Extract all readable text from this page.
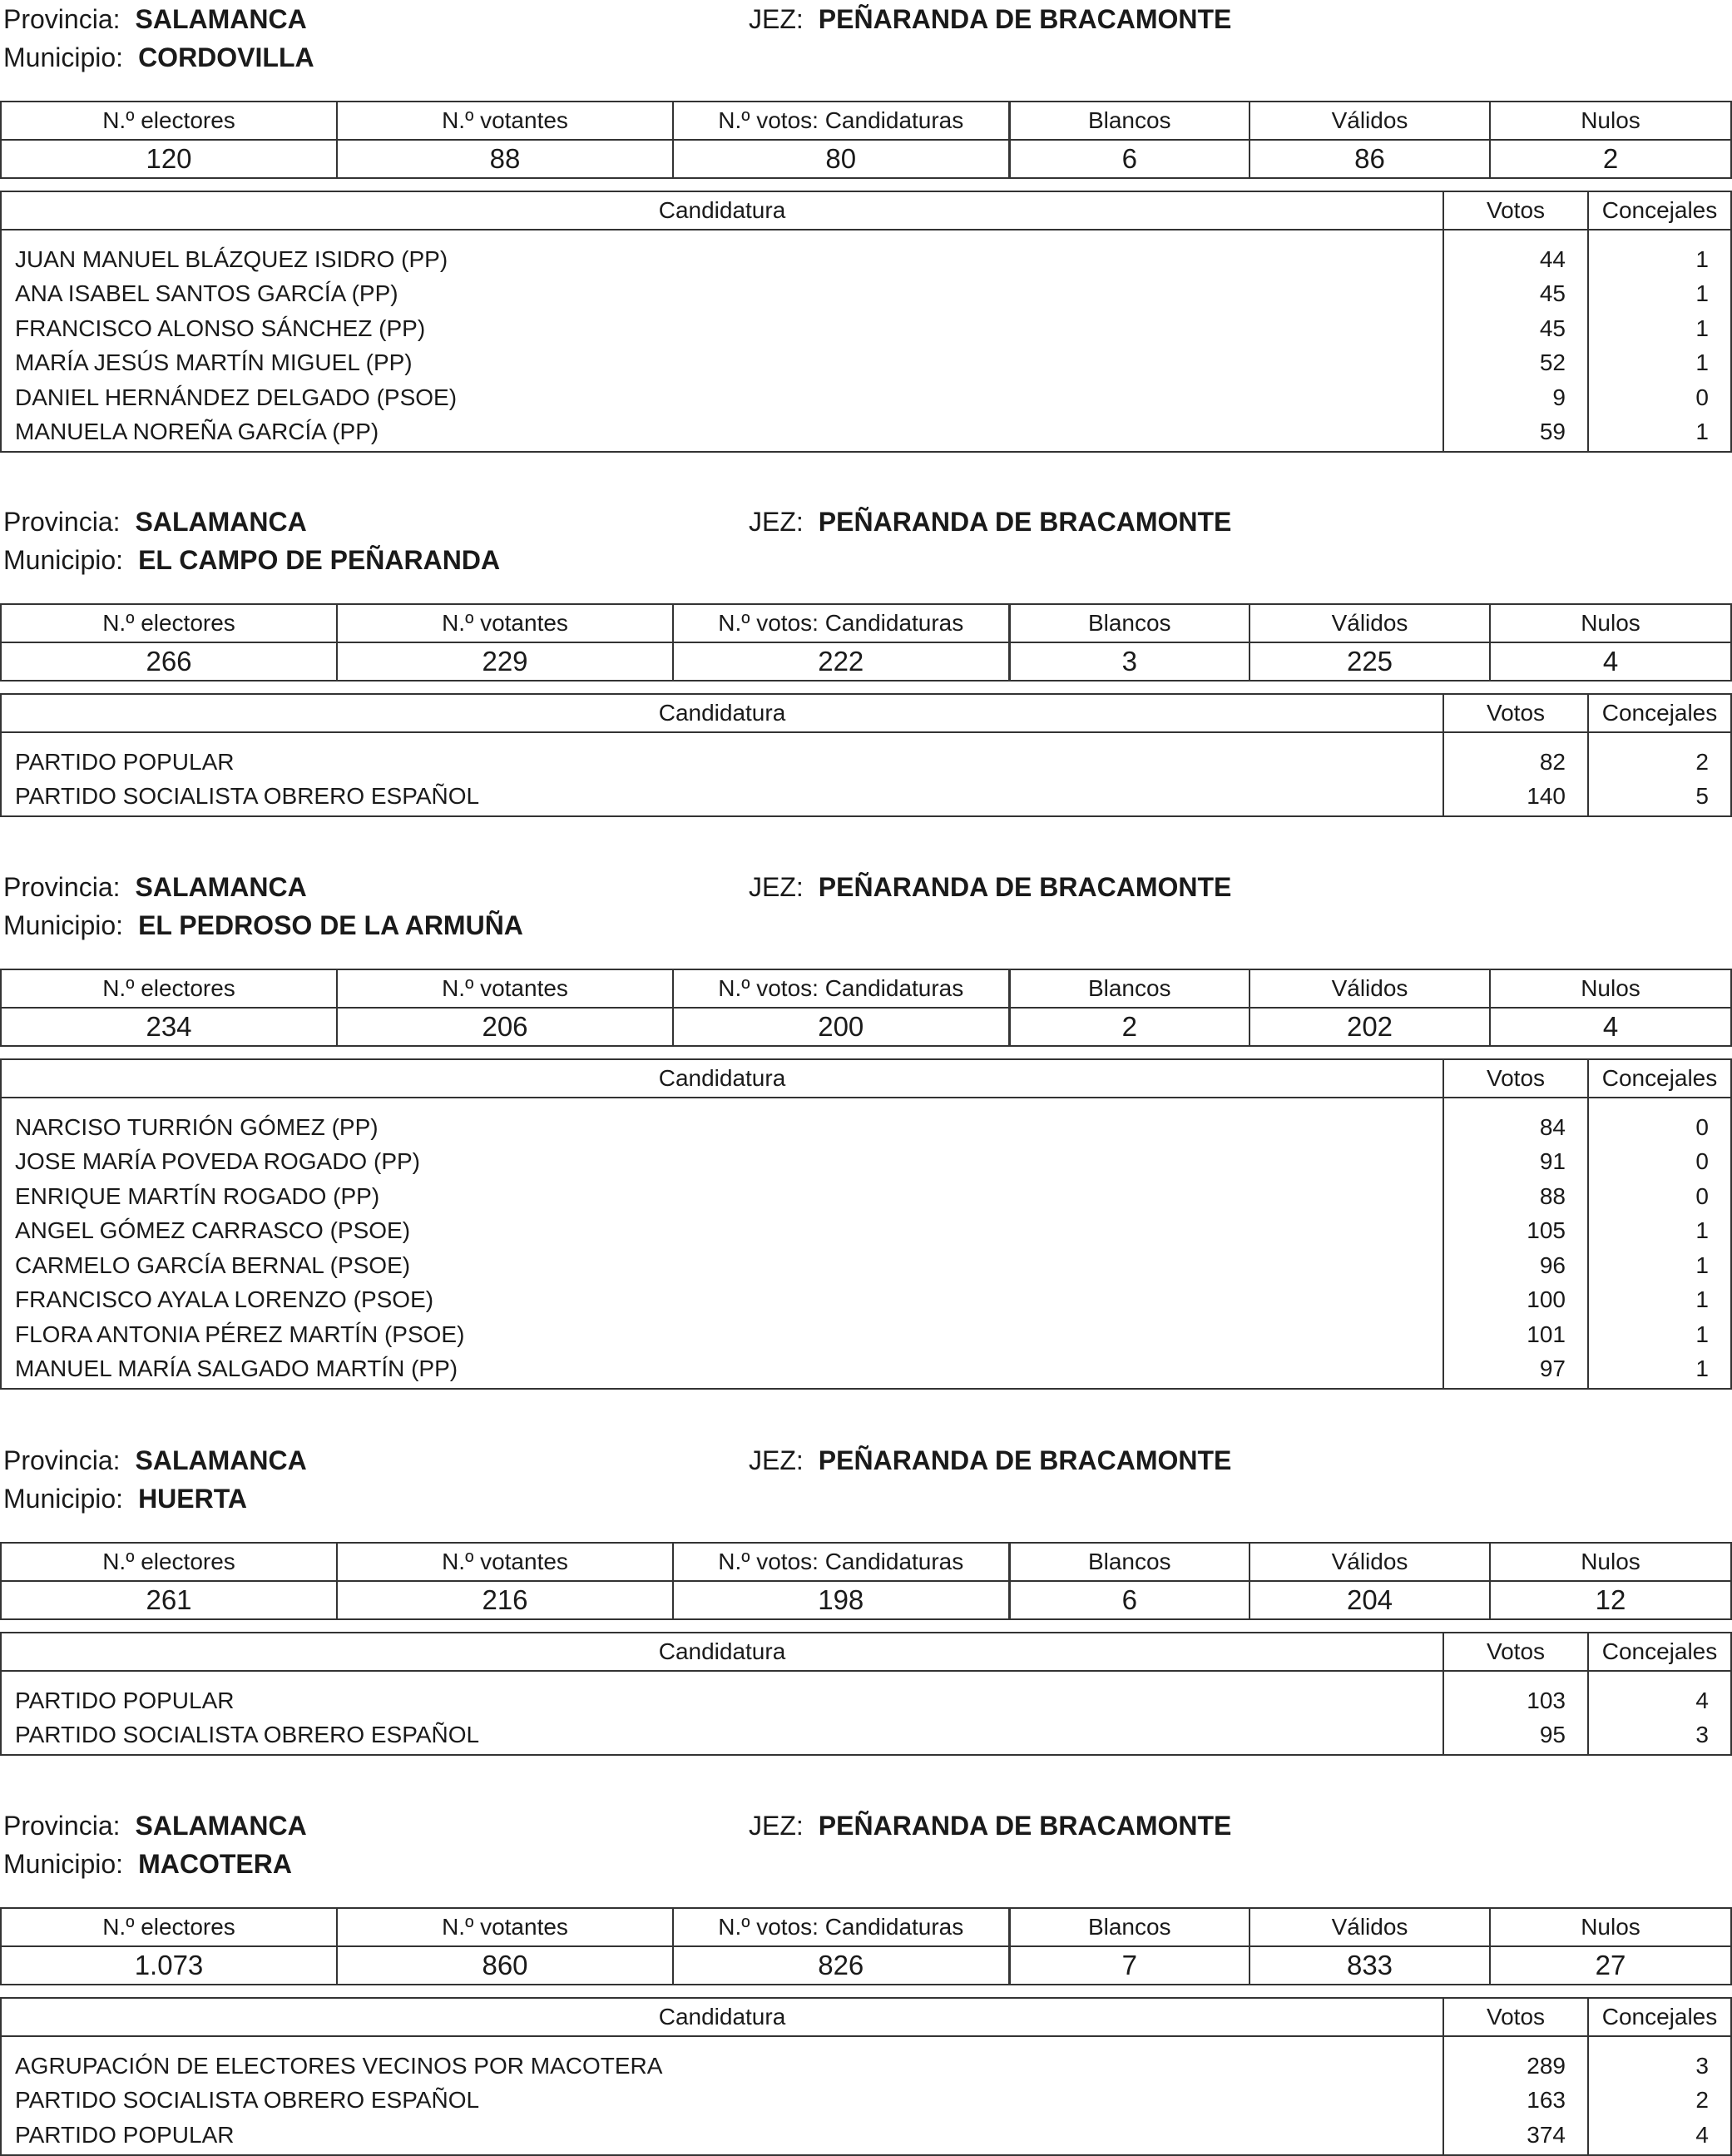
Provincia: SALAMANCA	JEZ: PEÑARANDA DE BRACAMONTE
Municipio: CORDOVILLA
N.º electores	N.º votantes	N.º votos: Candidaturas	Blancos	Válidos	Nulos
120	88	80	6	86	2
Candidatura	Votos	Concejales
JUAN MANUEL BLÁZQUEZ ISIDRO (PP)	44	1
ANA ISABEL SANTOS GARCÍA (PP)	45	1
FRANCISCO ALONSO SÁNCHEZ (PP)	45	1
MARÍA JESÚS MARTÍN MIGUEL (PP)	52	1
DANIEL HERNÁNDEZ DELGADO (PSOE)	9	0
MANUELA NOREÑA GARCÍA (PP)	59	1
Provincia: SALAMANCA	JEZ: PEÑARANDA DE BRACAMONTE
Municipio: EL CAMPO DE PEÑARANDA
N.º electores	N.º votantes	N.º votos: Candidaturas	Blancos	Válidos	Nulos
266	229	222	3	225	4
Candidatura	Votos	Concejales
PARTIDO POPULAR	82	2
PARTIDO SOCIALISTA OBRERO ESPAÑOL	140	5
Provincia: SALAMANCA	JEZ: PEÑARANDA DE BRACAMONTE
Municipio: EL PEDROSO DE LA ARMUÑA
N.º electores	N.º votantes	N.º votos: Candidaturas	Blancos	Válidos	Nulos
234	206	200	2	202	4
Candidatura	Votos	Concejales
NARCISO TURRIÓN GÓMEZ (PP)	84	0
JOSE MARÍA POVEDA ROGADO (PP)	91	0
ENRIQUE MARTÍN ROGADO (PP)	88	0
ANGEL GÓMEZ CARRASCO (PSOE)	105	1
CARMELO GARCÍA BERNAL (PSOE)	96	1
FRANCISCO AYALA LORENZO (PSOE)	100	1
FLORA ANTONIA PÉREZ MARTÍN (PSOE)	101	1
MANUEL MARÍA SALGADO MARTÍN (PP)	97	1
Provincia: SALAMANCA	JEZ: PEÑARANDA DE BRACAMONTE
Municipio: HUERTA
N.º electores	N.º votantes	N.º votos: Candidaturas	Blancos	Válidos	Nulos
261	216	198	6	204	12
Candidatura	Votos	Concejales
PARTIDO POPULAR	103	4
PARTIDO SOCIALISTA OBRERO ESPAÑOL	95	3
Provincia: SALAMANCA	JEZ: PEÑARANDA DE BRACAMONTE
Municipio: MACOTERA
N.º electores	N.º votantes	N.º votos: Candidaturas	Blancos	Válidos	Nulos
1.073	860	826	7	833	27
Candidatura	Votos	Concejales
AGRUPACIÓN DE ELECTORES VECINOS POR MACOTERA	289	3
PARTIDO SOCIALISTA OBRERO ESPAÑOL	163	2
PARTIDO POPULAR	374	4
